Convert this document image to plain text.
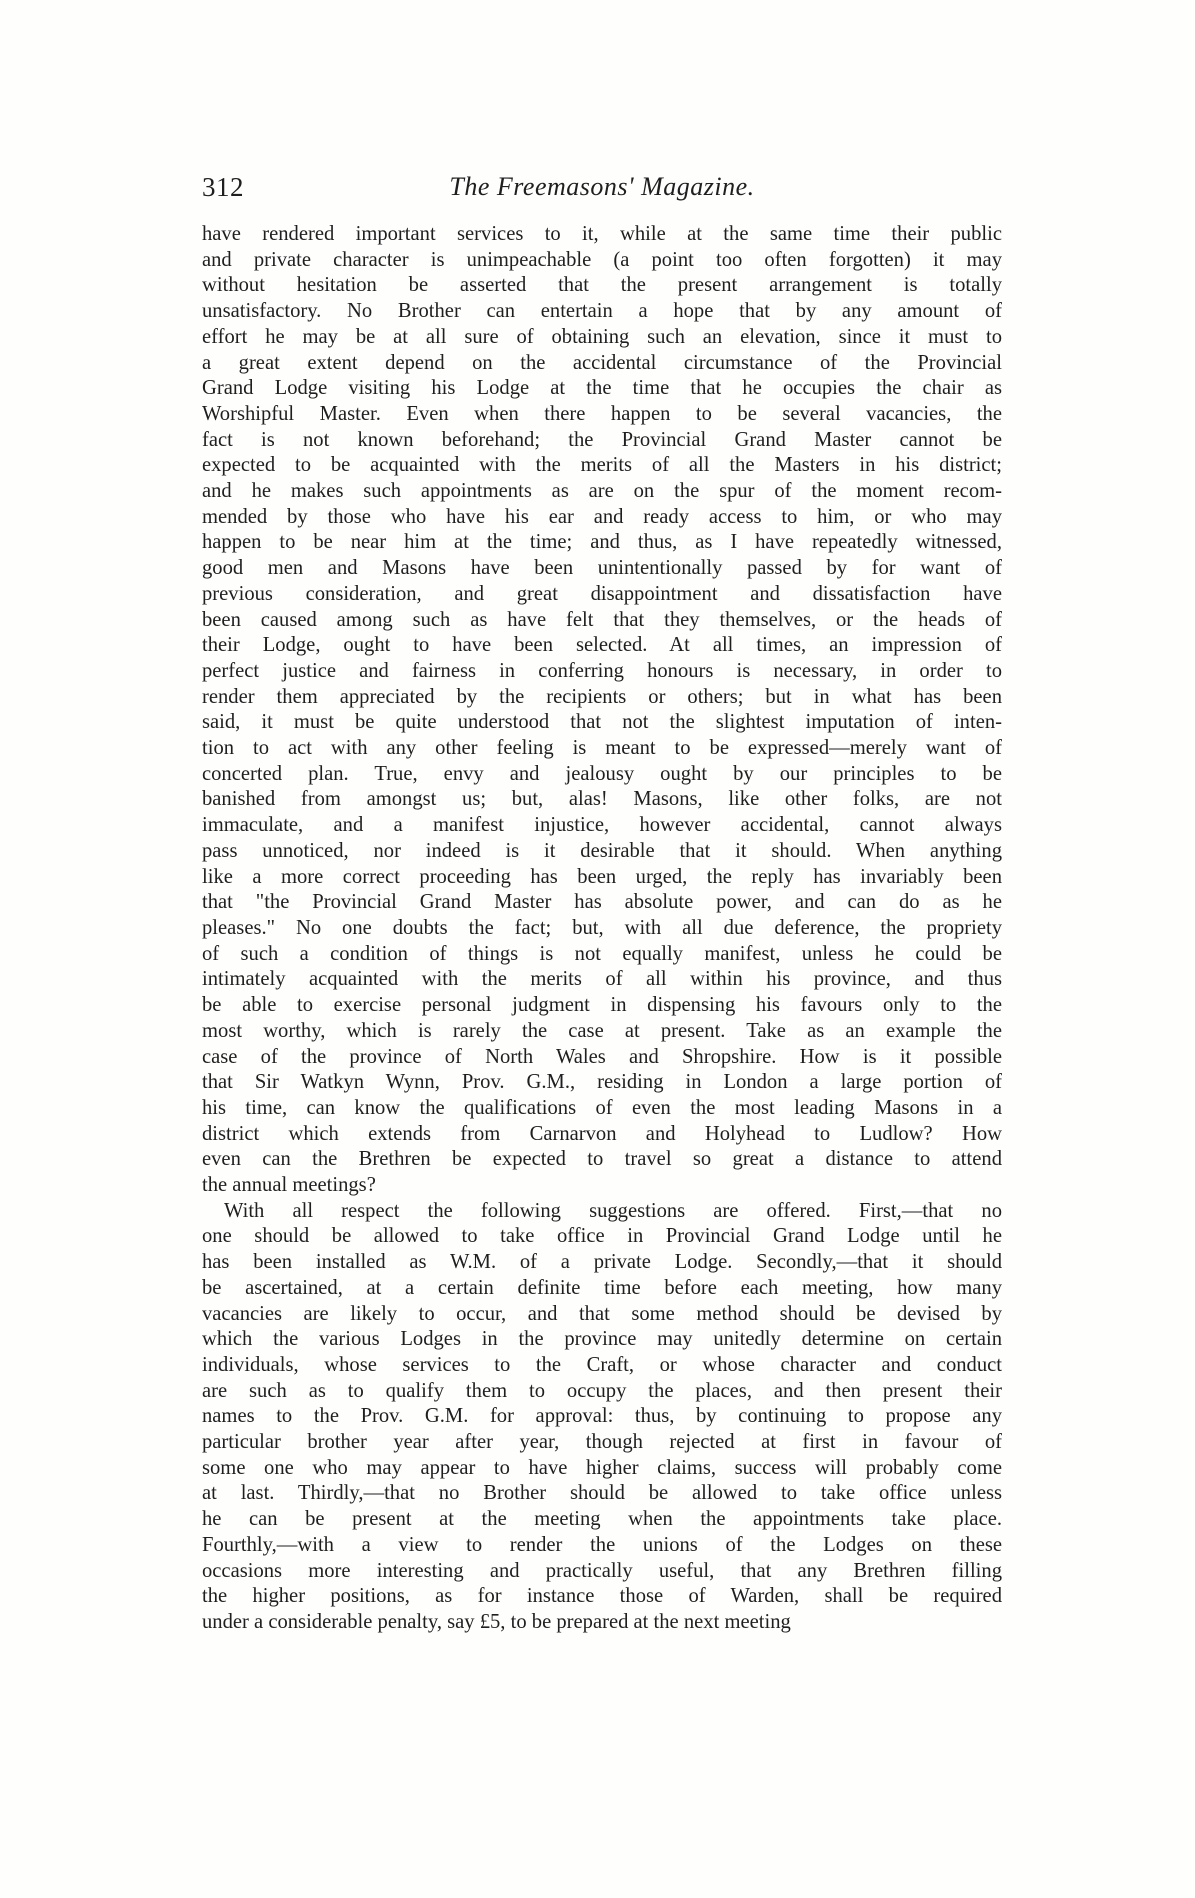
312	The Freemasons' Magazine.
have rendered important services to it, while at the same time their public
and private character is unimpeachable (a point too often forgotten) it may
without hesitation be asserted that the present arrangement is totally
unsatisfactory. No Brother can entertain a hope that by any amount of
effort he may be at all sure of obtaining such an elevation, since it must to
a great extent depend on the accidental circumstance of the Provincial
Grand Lodge visiting his Lodge at the time that he occupies the chair as
Worshipful Master. Even when there happen to be several vacancies, the
fact is not known beforehand; the Provincial Grand Master cannot be
expected to be acquainted with the merits of all the Masters in his district;
and he makes such appointments as are on the spur of the moment recom-
mended by those who have his ear and ready access to him, or who may
happen to be near him at the time; and thus, as I have repeatedly witnessed,
good men and Masons have been unintentionally passed by for want of
previous consideration, and great disappointment and dissatisfaction have
been caused among such as have felt that they themselves, or the heads of
their Lodge, ought to have been selected. At all times, an impression of
perfect justice and fairness in conferring honours is necessary, in order to
render them appreciated by the recipients or others; but in what has been
said, it must be quite understood that not the slightest imputation of inten-
tion to act with any other feeling is meant to be expressed—merely want of
concerted plan. True, envy and jealousy ought by our principles to be
banished from amongst us; but, alas! Masons, like other folks, are not
immaculate, and a manifest injustice, however accidental, cannot always
pass unnoticed, nor indeed is it desirable that it should. When anything
like a more correct proceeding has been urged, the reply has invariably been
that "the Provincial Grand Master has absolute power, and can do as he
pleases." No one doubts the fact; but, with all due deference, the propriety
of such a condition of things is not equally manifest, unless he could be
intimately acquainted with the merits of all within his province, and thus
be able to exercise personal judgment in dispensing his favours only to the
most worthy, which is rarely the case at present. Take as an example the
case of the province of North Wales and Shropshire. How is it possible
that Sir Watkyn Wynn, Prov. G.M., residing in London a large portion of
his time, can know the qualifications of even the most leading Masons in a
district which extends from Carnarvon and Holyhead to Ludlow? How
even can the Brethren be expected to travel so great a distance to attend
the annual meetings?
With all respect the following suggestions are offered. First,—that no
one should be allowed to take office in Provincial Grand Lodge until he
has been installed as W.M. of a private Lodge. Secondly,—that it should
be ascertained, at a certain definite time before each meeting, how many
vacancies are likely to occur, and that some method should be devised by
which the various Lodges in the province may unitedly determine on certain
individuals, whose services to the Craft, or whose character and conduct
are such as to qualify them to occupy the places, and then present their
names to the Prov. G.M. for approval: thus, by continuing to propose any
particular brother year after year, though rejected at first in favour of
some one who may appear to have higher claims, success will probably come
at last. Thirdly,—that no Brother should be allowed to take office unless
he can be present at the meeting when the appointments take place.
Fourthly,—with a view to render the unions of the Lodges on these
occasions more interesting and practically useful, that any Brethren filling
the higher positions, as for instance those of Warden, shall be required
under a considerable penalty, say £5, to be prepared at the next meeting
